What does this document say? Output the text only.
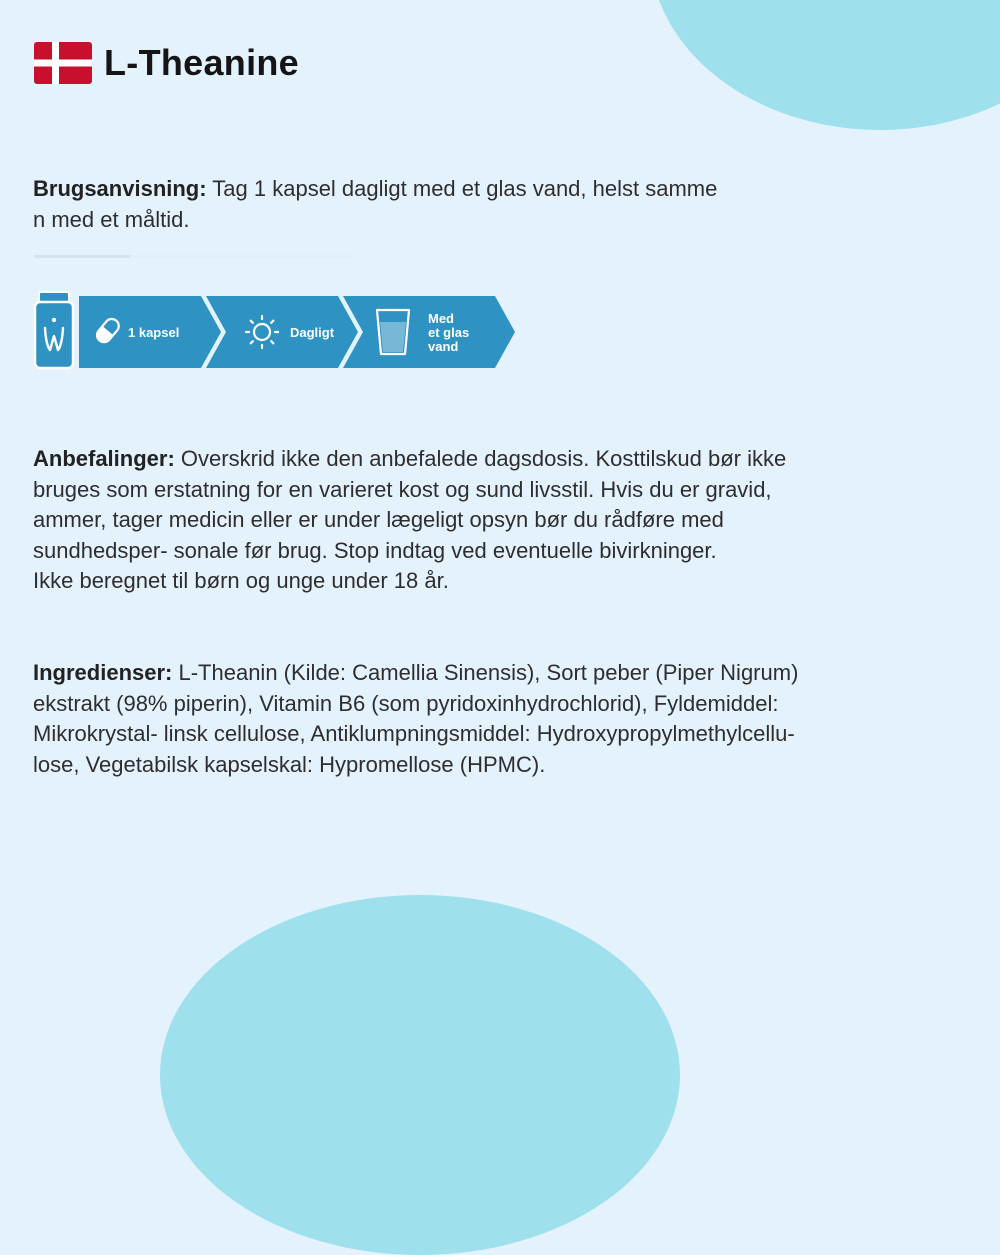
L-Theanine

Brugsanvisning: Tag 1 kapsel dagligt med et glas vand, helst samme
n med et måltid.

1 kapsel	Dagligt
Med
et glas
vand

Anbefalinger: Overskrid ikke den anbefalede dagsdosis. Kosttilskud bør ikke
bruges som erstatning for en varieret kost og sund livsstil. Hvis du er gravid,
ammer, tager medicin eller er under lægeligt opsyn bør du rådføre med
sundhedsper- sonale før brug. Stop indtag ved eventuelle bivirkninger.
Ikke beregnet til børn og unge under 18 år.

Ingredienser: L-Theanin (Kilde: Camellia Sinensis), Sort peber (Piper Nigrum)
ekstrakt (98% piperin), Vitamin B6 (som pyridoxinhydrochlorid), Fyldemiddel:
Mikrokrystal- linsk cellulose, Antiklumpningsmiddel: Hydroxypropylmethylcellu-
lose, Vegetabilsk kapselskal: Hypromellose (HPMC).
